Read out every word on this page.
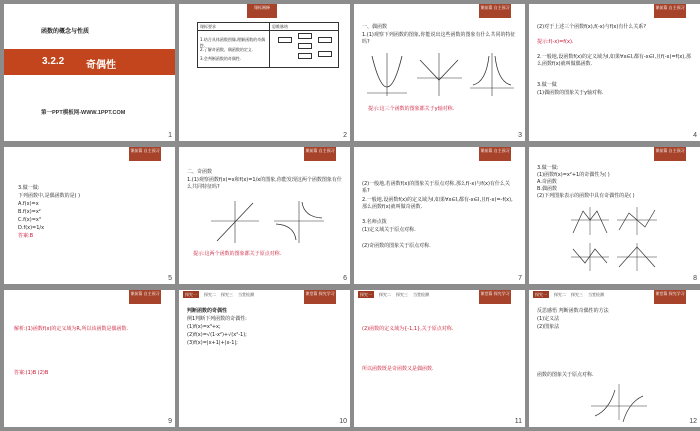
函数的概念与性质
3.2.2 奇偶性
第一PPT模板网-WWW.1PPT.COM
1
课标阐释
课标要求	思维脉络
1.结合具体函数图像,理解函数的奇偶性.
2.了解奇函数、偶函数的定义.
3.会判断函数的奇偶性.
2
课前篇 自主预习
一、偶函数
1.(1)观察下列函数的图象,你能说出这些函数的图象有什么共同的特征吗?
提示:这三个函数的图象都关于y轴对称.
3
课前篇 自主预习
(2)对于上述三个函数f(x),f(-x)与f(x)有什么关系?
提示:f(-x)=f(x).
2.一般地,设函数f(x)的定义域为I,如果∀x∈I,都有-x∈I,且f(-x)=f(x),那么函数f(x)就叫做偶函数.
3.做一做
(1)偶函数的图象关于y轴对称.
4
课前篇 自主预习
3.做一做:
下列函数中,是偶函数的是( )
A.f(x)=x
B.f(x)=x²
C.f(x)=x³
D.f(x)=1/x
答案:B
5
课前篇 自主预习
二、奇函数
1.(1)观察函数f(x)=x和f(x)=1/x的图象,你能发现这两个函数图象有什么共同特征吗?
提示:这两个函数的图象都关于原点对称.
6
课前篇 自主预习
(2)一般地,若函数f(x)的图象关于原点对称,那么f(-x)与f(x)有什么关系?
2.一般地,设函数f(x)的定义域为I,如果∀x∈I,都有-x∈I,且f(-x)=-f(x),那么函数f(x)就叫做奇函数.
3.名师点拨
(1)定义域关于原点对称.
(2)奇函数的图象关于原点对称.
7
课前篇 自主预习
3.做一做:
(1)函数f(x)=x²+1的奇偶性为( )
A.奇函数
B.偶函数
(2)下列图象表示的函数中具有奇偶性的是( )
8
课前篇 自主预习
解析:(1)函数f(x)的定义域为R,所以该函数是偶函数.
答案:(1)B (2)B
9
探究一 探究二 探究三 当堂检测	课堂篇 探究学习
判断函数的奇偶性
例1判断下列函数的奇偶性:
(1)f(x)=x³+x;
(2)f(x)=√(1-x²)+√(x²-1);
(3)f(x)=|x+1|+|x-1|;
10
探究一 探究二 探究三 当堂检测	课堂篇 探究学习
(2)函数的定义域为{-1,1},关于原点对称.
所以函数既是奇函数又是偶函数.
11
探究一 探究二 探究三 当堂检测	课堂篇 探究学习
反思感悟 判断函数奇偶性的方法
(1)定义法
(2)图象法
函数的图象关于原点对称.
12
